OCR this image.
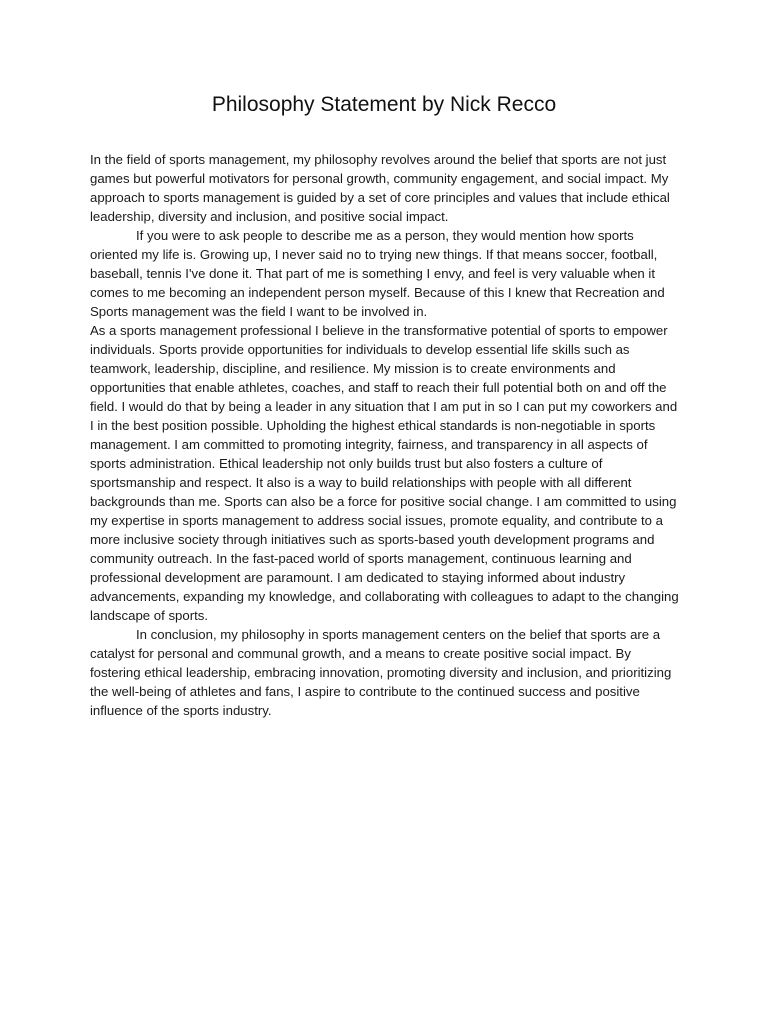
Philosophy Statement by Nick Recco

In the field of sports management, my philosophy revolves around the belief that sports are not just games but powerful motivators for personal growth, community engagement, and social impact. My approach to sports management is guided by a set of core principles and values that include ethical leadership, diversity and inclusion, and positive social impact.

If you were to ask people to describe me as a person, they would mention how sports oriented my life is. Growing up, I never said no to trying new things. If that means soccer, football, baseball, tennis I've done it. That part of me is something I envy, and feel is very valuable when it comes to me becoming an independent person myself. Because of this I knew that Recreation and Sports management was the field I want to be involved in.

As a sports management professional I believe in the transformative potential of sports to empower individuals. Sports provide opportunities for individuals to develop essential life skills such as teamwork, leadership, discipline, and resilience. My mission is to create environments and opportunities that enable athletes, coaches, and staff to reach their full potential both on and off the field. I would do that by being a leader in any situation that I am put in so I can put my coworkers and I in the best position possible. Upholding the highest ethical standards is non-negotiable in sports management. I am committed to promoting integrity, fairness, and transparency in all aspects of sports administration. Ethical leadership not only builds trust but also fosters a culture of sportsmanship and respect. It also is a way to build relationships with people with all different backgrounds than me. Sports can also be a force for positive social change. I am committed to using my expertise in sports management to address social issues, promote equality, and contribute to a more inclusive society through initiatives such as sports-based youth development programs and community outreach. In the fast-paced world of sports management, continuous learning and professional development are paramount. I am dedicated to staying informed about industry advancements, expanding my knowledge, and collaborating with colleagues to adapt to the changing landscape of sports.

In conclusion, my philosophy in sports management centers on the belief that sports are a catalyst for personal and communal growth, and a means to create positive social impact. By fostering ethical leadership, embracing innovation, promoting diversity and inclusion, and prioritizing the well-being of athletes and fans, I aspire to contribute to the continued success and positive influence of the sports industry.
